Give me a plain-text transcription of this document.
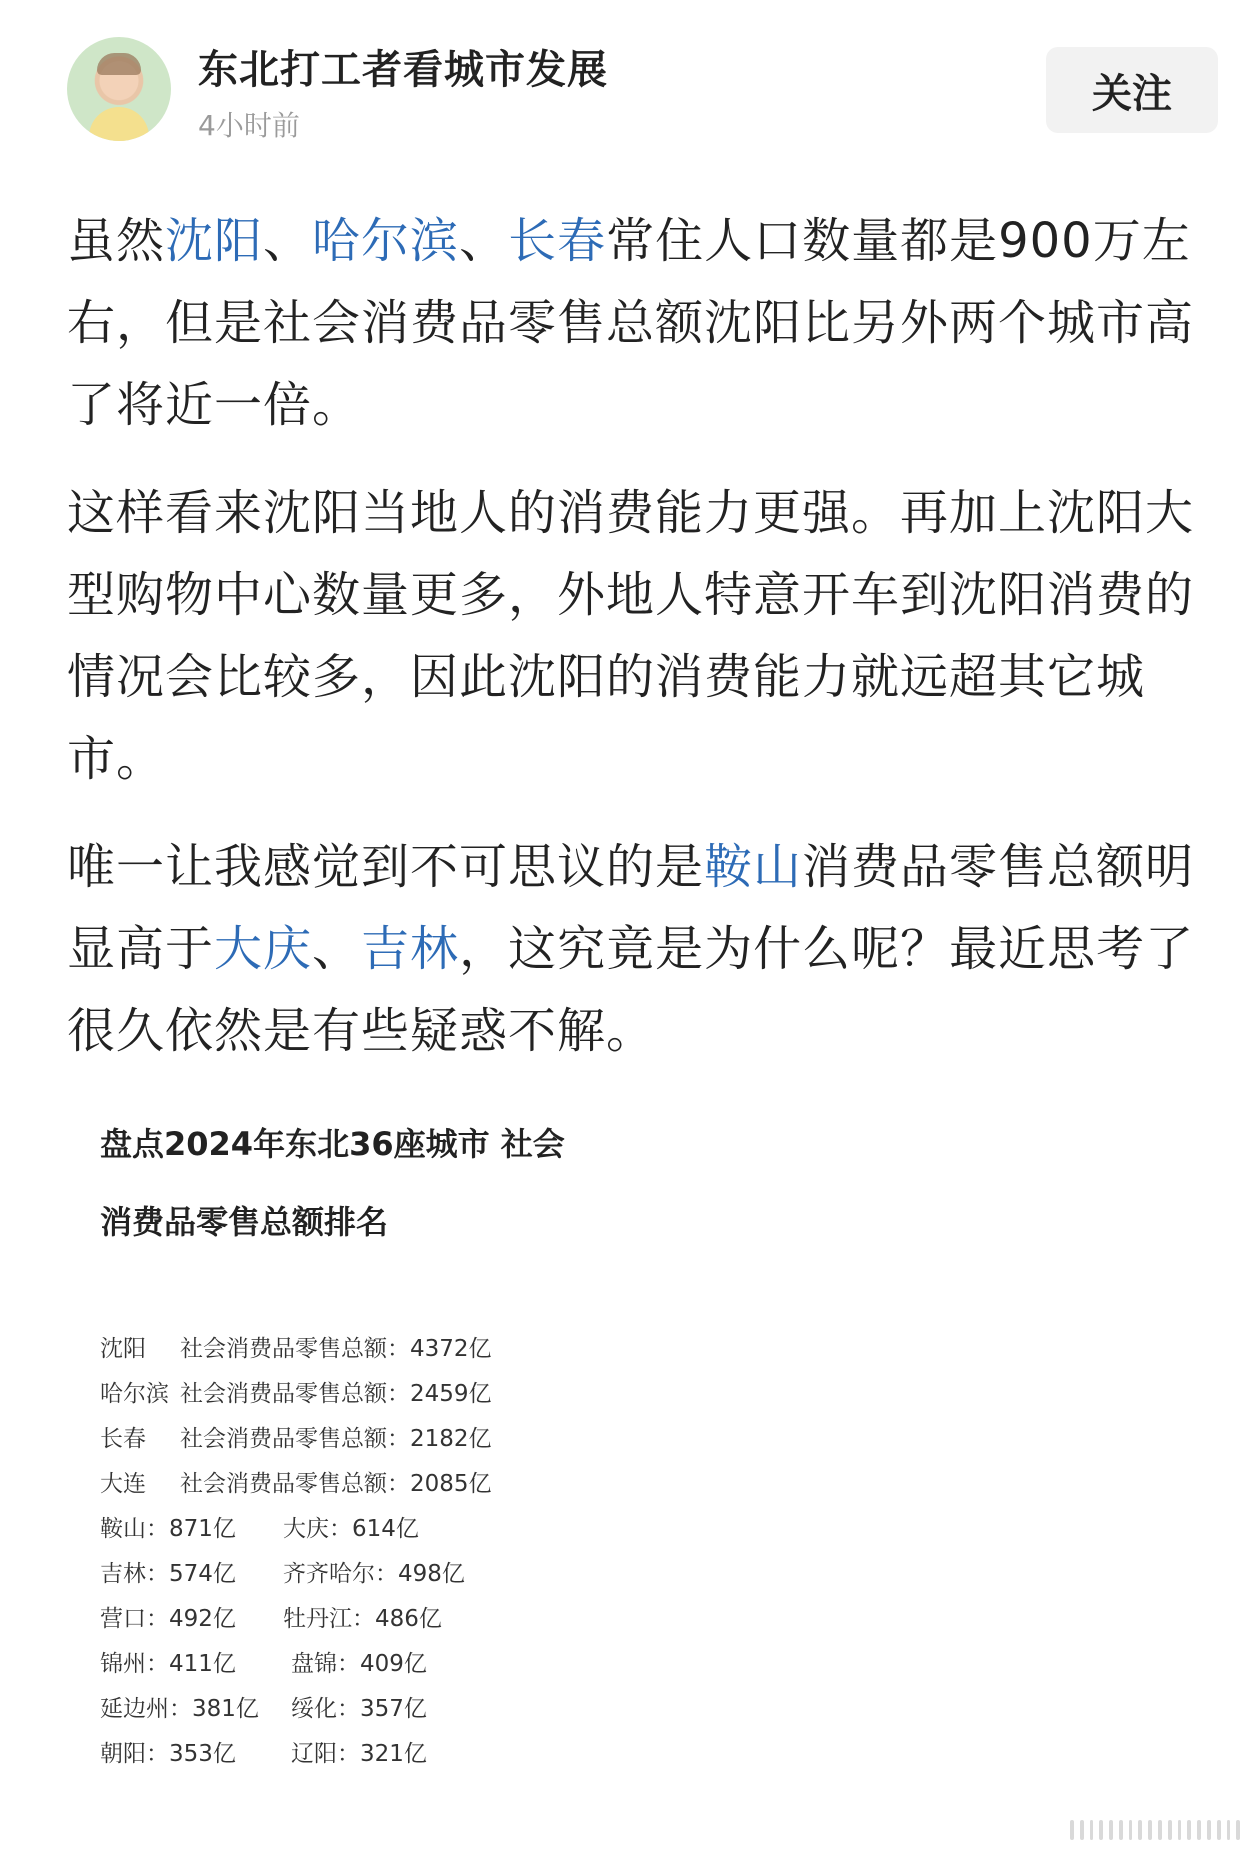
东北打工者看城市发展
4小时前
关注

虽然沈阳、哈尔滨、长春常住人口数量都是900万左右，但是社会消费品零售总额沈阳比另外两个城市高了将近一倍。

这样看来沈阳当地人的消费能力更强。再加上沈阳大型购物中心数量更多，外地人特意开车到沈阳消费的情况会比较多，因此沈阳的消费能力就远超其它城市。

唯一让我感觉到不可思议的是鞍山消费品零售总额明显高于大庆、吉林，这究竟是为什么呢？最近思考了很久依然是有些疑惑不解。

盘点2024年东北36座城市 社会
消费品零售总额排名
沈阳 社会消费品零售总额：4372亿
哈尔滨 社会消费品零售总额：2459亿
长春 社会消费品零售总额：2182亿
大连 社会消费品零售总额：2085亿
鞍山：871亿 大庆：614亿
吉林：574亿 齐齐哈尔：498亿
营口：492亿 牡丹江：486亿
锦州：411亿 盘锦：409亿
延边州：381亿 绥化：357亿
朝阳：353亿 辽阳：321亿
